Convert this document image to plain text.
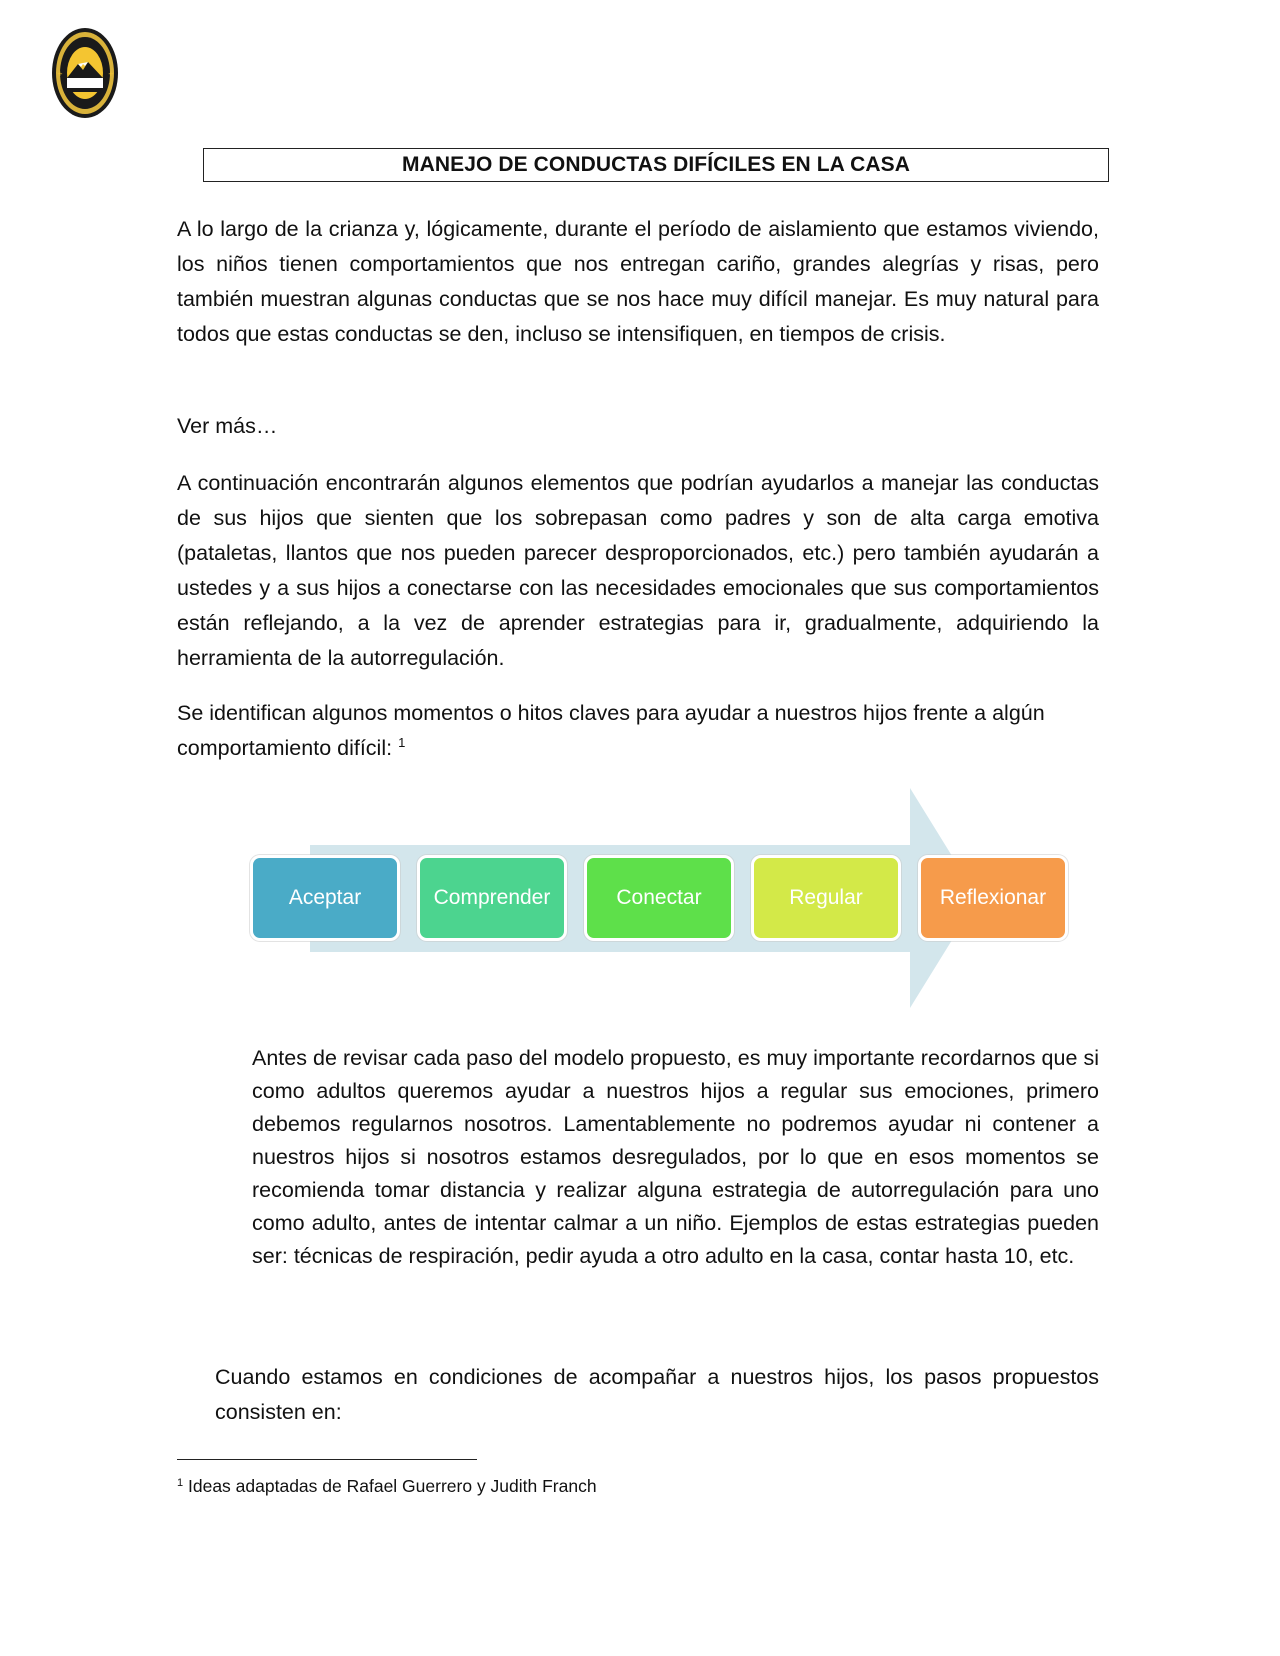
+	+
MANEJO DE CONDUCTAS DIFÍCILES EN LA CASA

A lo largo de la crianza y, lógicamente, durante el período de aislamiento que estamos viviendo, los niños tienen comportamientos que nos entregan cariño, grandes alegrías y risas, pero también muestran algunas conductas que se nos hace muy difícil manejar. Es muy natural para todos que estas conductas se den, incluso se intensifiquen, en tiempos de crisis.

Ver más…

A continuación encontrarán algunos elementos que podrían ayudarlos a manejar las conductas de sus hijos que sienten que los sobrepasan como padres y son de alta carga emotiva (pataletas, llantos que nos pueden parecer desproporcionados, etc.) pero también ayudarán a ustedes y a sus hijos a conectarse con las necesidades emocionales que sus comportamientos están reflejando, a la vez de aprender estrategias para ir, gradualmente, adquiriendo la herramienta de la autorregulación.

Se identifican algunos momentos o hitos claves para ayudar a nuestros hijos frente a algún comportamiento difícil: $^1$

Aceptar	Comprender	Conectar	Regular	Reflexionar

Antes de revisar cada paso del modelo propuesto, es muy importante recordarnos que si como adultos queremos ayudar a nuestros hijos a regular sus emociones, primero debemos regularnos nosotros. Lamentablemente no podremos ayudar ni contener a nuestros hijos si nosotros estamos desregulados, por lo que en esos momentos se recomienda tomar distancia y realizar alguna estrategia de autorregulación para uno como adulto, antes de intentar calmar a un niño. Ejemplos de estas estrategias pueden ser: técnicas de respiración, pedir ayuda a otro adulto en la casa, contar hasta 10, etc.

Cuando estamos en condiciones de acompañar a nuestros hijos, los pasos propuestos consisten en:

$^1$ Ideas adaptadas de Rafael Guerrero y Judith Franch
